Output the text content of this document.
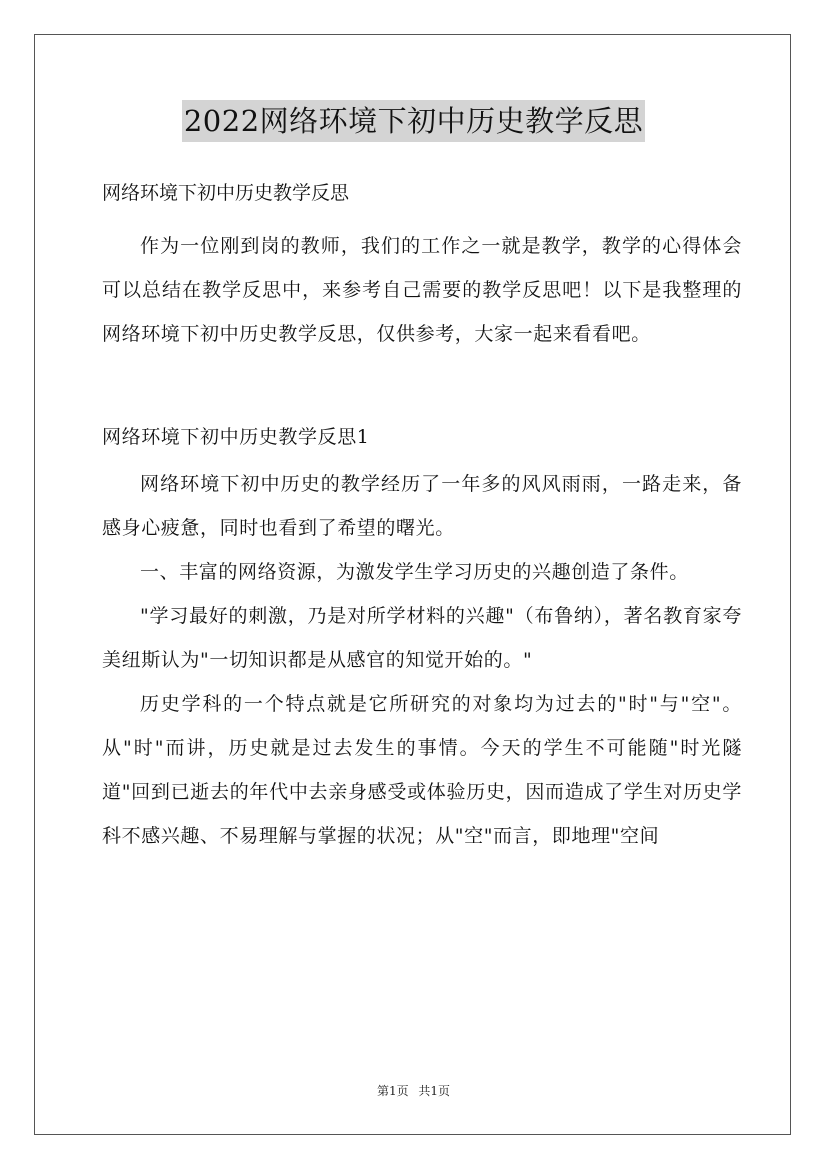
2022网络环境下初中历史教学反思

网络环境下初中历史教学反思

作为一位刚到岗的教师，我们的工作之一就是教学，教学的心得体会可以总结在教学反思中，来参考自己需要的教学反思吧！以下是我整理的网络环境下初中历史教学反思，仅供参考，大家一起来看看吧。

网络环境下初中历史教学反思1

网络环境下初中历史的教学经历了一年多的风风雨雨，一路走来，备感身心疲惫，同时也看到了希望的曙光。

一、丰富的网络资源，为激发学生学习历史的兴趣创造了条件。

"学习最好的刺激，乃是对所学材料的兴趣"（布鲁纳），著名教育家夸美纽斯认为"一切知识都是从感官的知觉开始的。"

历史学科的一个特点就是它所研究的对象均为过去的"时"与"空"。从"时"而讲，历史就是过去发生的事情。今天的学生不可能随"时光隧道"回到已逝去的年代中去亲身感受或体验历史，因而造成了学生对历史学科不感兴趣、不易理解与掌握的状况；从"空"而言，即地理"空间

第1页 共1页
